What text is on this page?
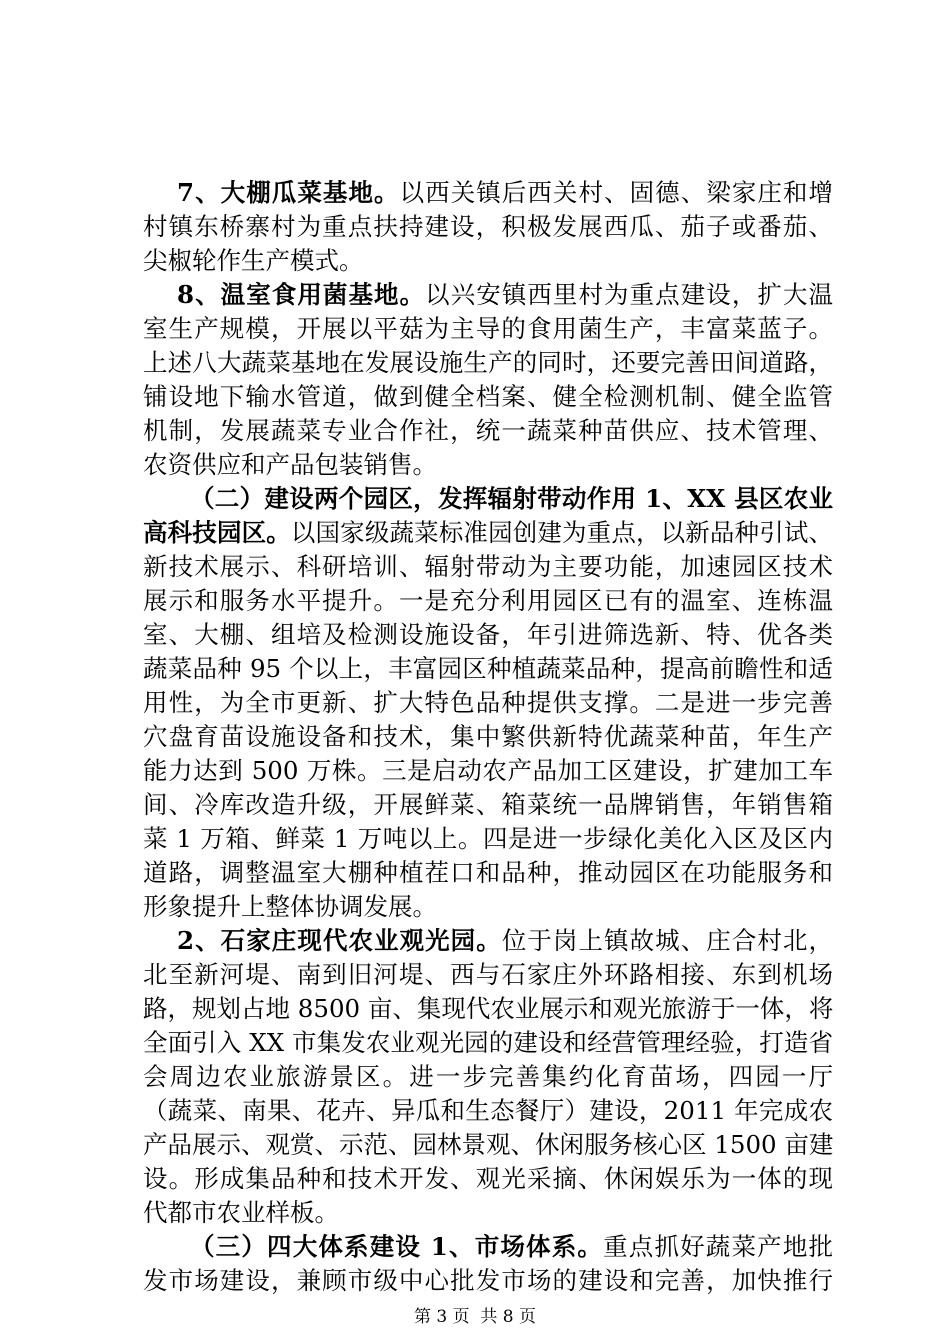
7、大棚瓜菜基地。以西关镇后西关村、固德、梁家庄和增
村镇东桥寨村为重点扶持建设，积极发展西瓜、茄子或番茄、
尖椒轮作生产模式。
8、温室食用菌基地。以兴安镇西里村为重点建设，扩大温
室生产规模，开展以平菇为主导的食用菌生产，丰富菜蓝子。
上述八大蔬菜基地在发展设施生产的同时，还要完善田间道路，
铺设地下输水管道，做到健全档案、健全检测机制、健全监管
机制，发展蔬菜专业合作社，统一蔬菜种苗供应、技术管理、
农资供应和产品包装销售。
（二）建设两个园区，发挥辐射带动作用 1、XX 县区农业
高科技园区。以国家级蔬菜标准园创建为重点，以新品种引试、
新技术展示、科研培训、辐射带动为主要功能，加速园区技术
展示和服务水平提升。一是充分利用园区已有的温室、连栋温
室、大棚、组培及检测设施设备，年引进筛选新、特、优各类
蔬菜品种 95 个以上，丰富园区种植蔬菜品种，提高前瞻性和适
用性，为全市更新、扩大特色品种提供支撑。二是进一步完善
穴盘育苗设施设备和技术，集中繁供新特优蔬菜种苗，年生产
能力达到 500 万株。三是启动农产品加工区建设，扩建加工车
间、冷库改造升级，开展鲜菜、箱菜统一品牌销售，年销售箱
菜 1 万箱、鲜菜 1 万吨以上。四是进一步绿化美化入区及区内
道路，调整温室大棚种植茬口和品种，推动园区在功能服务和
形象提升上整体协调发展。
2、石家庄现代农业观光园。位于岗上镇故城、庄合村北，
北至新河堤、南到旧河堤、西与石家庄外环路相接、东到机场
路，规划占地 8500 亩、集现代农业展示和观光旅游于一体，将
全面引入 XX 市集发农业观光园的建设和经营管理经验，打造省
会周边农业旅游景区。进一步完善集约化育苗场，四园一厅
（蔬菜、南果、花卉、异瓜和生态餐厅）建设，2011 年完成农
产品展示、观赏、示范、园林景观、休闲服务核心区 1500 亩建
设。形成集品种和技术开发、观光采摘、休闲娱乐为一体的现
代都市农业样板。
（三）四大体系建设 1、市场体系。重点抓好蔬菜产地批
发市场建设，兼顾市级中心批发市场的建设和完善，加快推行
第 3 页  共 8 页
